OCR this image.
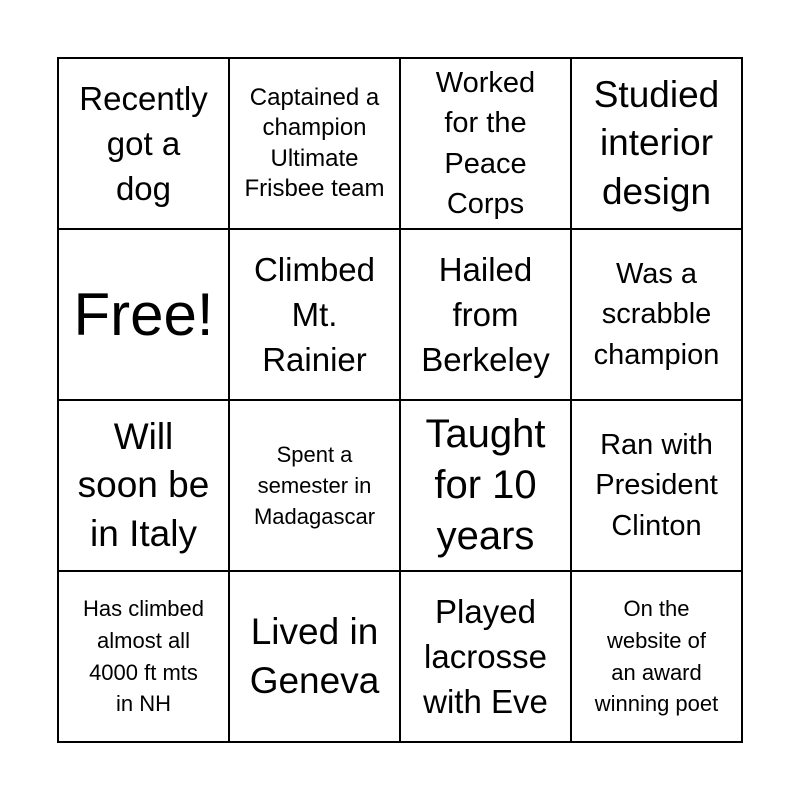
Recently
got a
dog
Captained a
champion
Ultimate
Frisbee team
Worked
for the
Peace
Corps
Studied
interior
design
Free!
Climbed
Mt.
Rainier
Hailed
from
Berkeley
Was a
scrabble
champion
Will
soon be
in Italy
Spent a
semester in
Madagascar
Taught
for 10
years
Ran with
President
Clinton
Has climbed
almost all
4000 ft mts
in NH
Lived in
Geneva
Played
lacrosse
with Eve
On the
website of
an award
winning poet
